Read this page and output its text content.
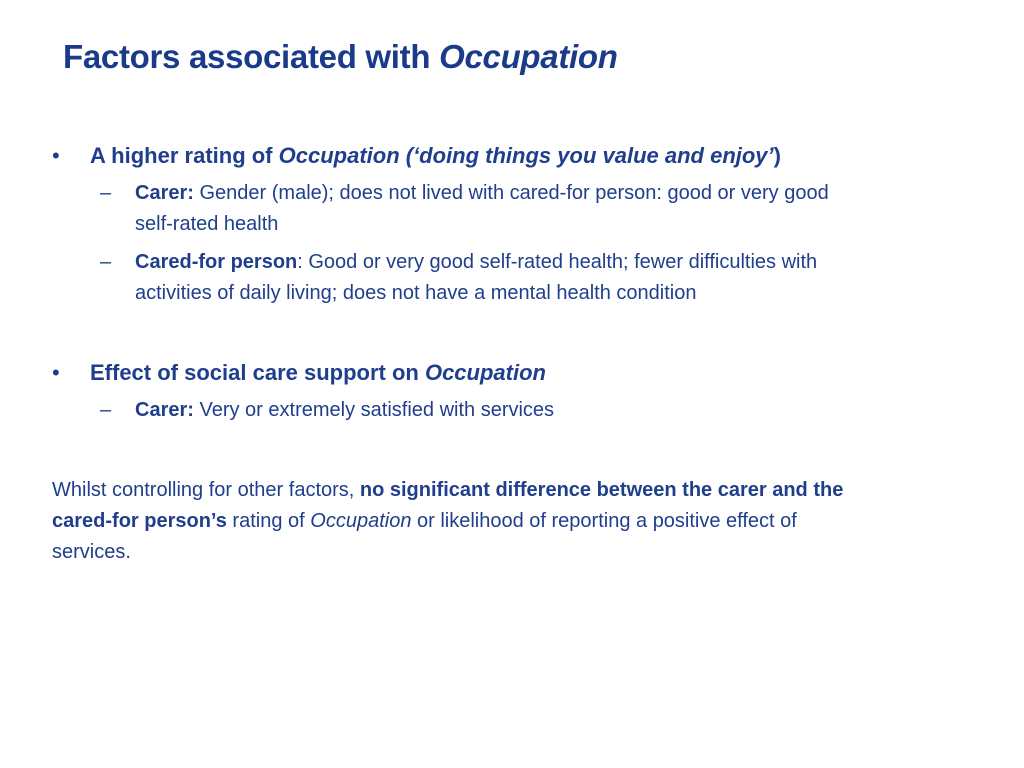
Factors associated with Occupation
• A higher rating of Occupation (‘doing things you value and enjoy’)
– Carer: Gender (male); does not lived with cared-for person: good or very good
self-rated health
– Cared-for person: Good or very good self-rated health; fewer difficulties with
activities of daily living; does not have a mental health condition
• Effect of social care support on Occupation
– Carer: Very or extremely satisfied with services
Whilst controlling for other factors, no significant difference between the carer and the
cared-for person’s rating of Occupation or likelihood of reporting a positive effect of
services.
